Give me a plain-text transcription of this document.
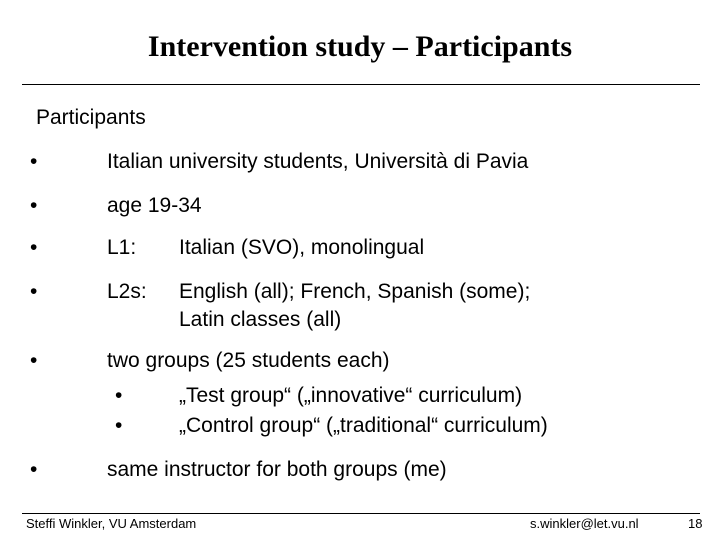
Intervention study – Participants
Participants
•	Italian university students, Università di Pavia
•	age 19-34
•	L1: Italian (SVO), monolingual
•	L2s: English (all); French, Spanish (some);
Latin classes (all)
•	two groups (25 students each)
•	„Test group“ („innovative“ curriculum)
•	„Control group“ („traditional“ curriculum)
•	same instructor for both groups (me)
Steffi Winkler, VU Amsterdam	s.winkler@let.vu.nl	18
